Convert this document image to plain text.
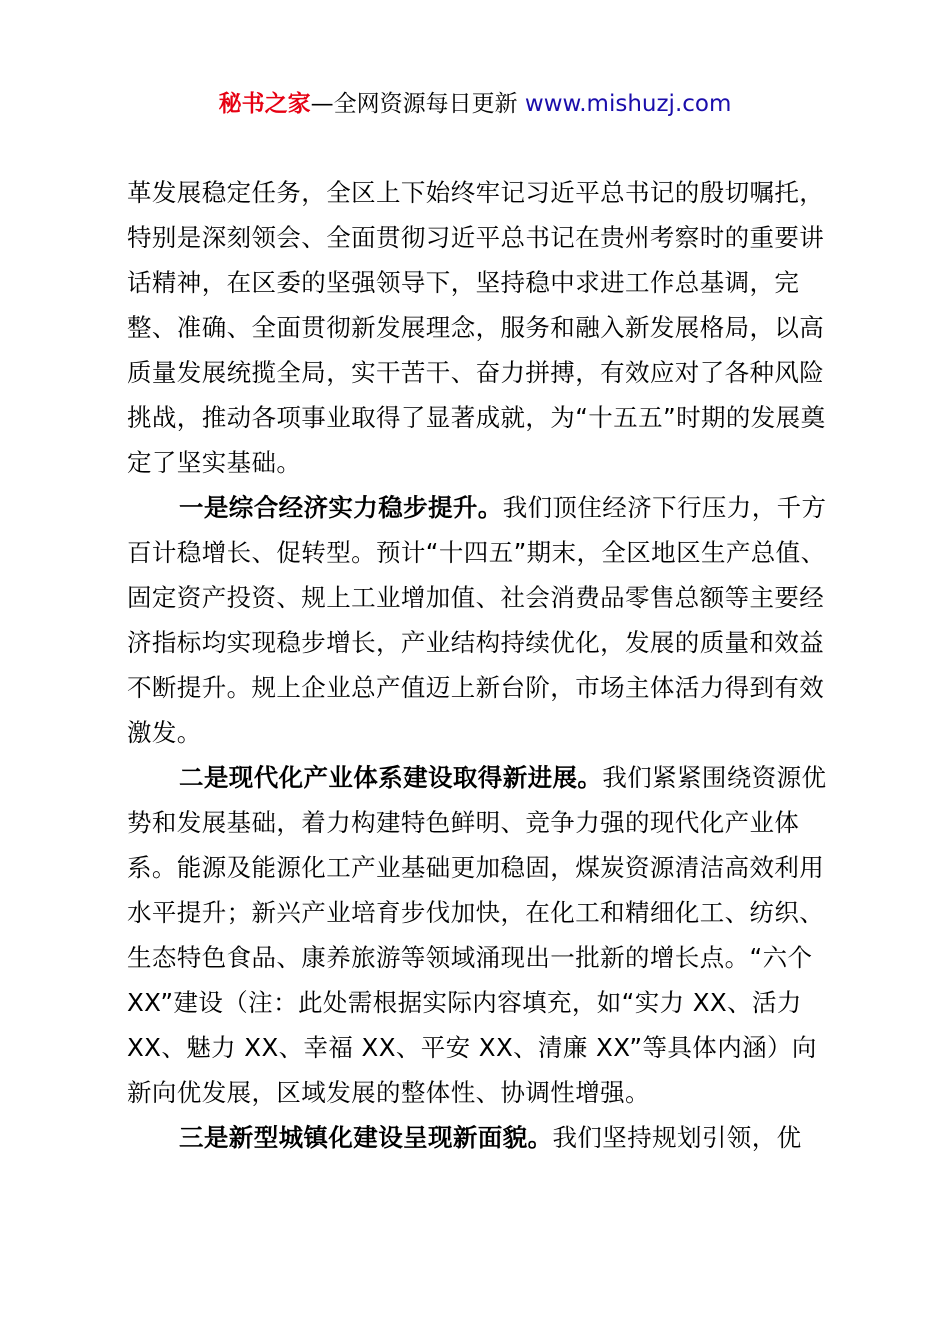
秘书之家—全网资源每日更新 www.mishuzj.com

革发展稳定任务，全区上下始终牢记习近平总书记的殷切嘱托，特别是深刻领会、全面贯彻习近平总书记在贵州考察时的重要讲话精神，在区委的坚强领导下，坚持稳中求进工作总基调，完整、准确、全面贯彻新发展理念，服务和融入新发展格局，以高质量发展统揽全局，实干苦干、奋力拼搏，有效应对了各种风险挑战，推动各项事业取得了显著成就，为“十五五”时期的发展奠定了坚实基础。

一是综合经济实力稳步提升。我们顶住经济下行压力，千方百计稳增长、促转型。预计“十四五”期末，全区地区生产总值、固定资产投资、规上工业增加值、社会消费品零售总额等主要经济指标均实现稳步增长，产业结构持续优化，发展的质量和效益不断提升。规上企业总产值迈上新台阶，市场主体活力得到有效激发。

二是现代化产业体系建设取得新进展。我们紧紧围绕资源优势和发展基础，着力构建特色鲜明、竞争力强的现代化产业体系。能源及能源化工产业基础更加稳固，煤炭资源清洁高效利用水平提升；新兴产业培育步伐加快，在化工和精细化工、纺织、生态特色食品、康养旅游等领域涌现出一批新的增长点。“六个 XX”建设（注：此处需根据实际内容填充，如“实力 XX、活力 XX、魅力 XX、幸福 XX、平安 XX、清廉 XX”等具体内涵）向新向优发展，区域发展的整体性、协调性增强。

三是新型城镇化建设呈现新面貌。我们坚持规划引领，优
